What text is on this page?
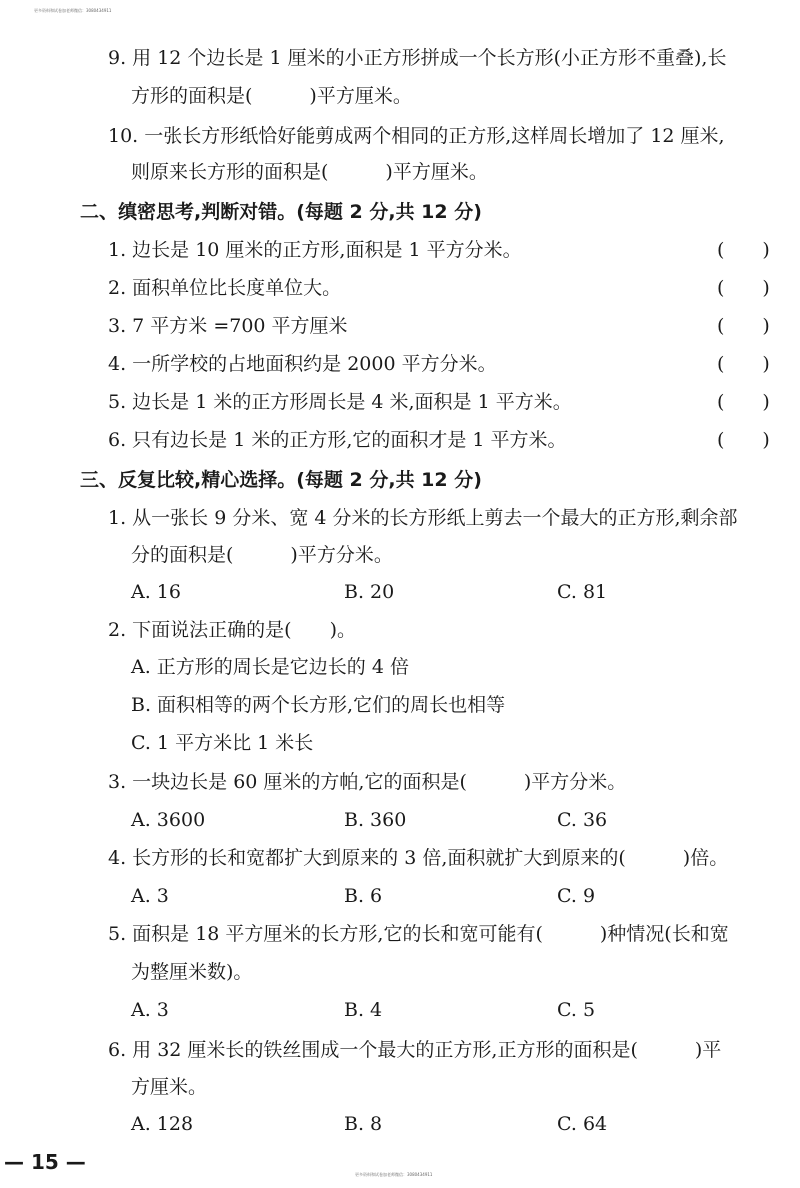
更多资料和试卷加老师微信：3080434911
9. 用 12 个边长是 1 厘米的小正方形拼成一个长方形(小正方形不重叠),长
方形的面积是(　　　)平方厘米。
10. 一张长方形纸恰好能剪成两个相同的正方形,这样周长增加了 12 厘米,
则原来长方形的面积是(　　　)平方厘米。
二、缜密思考,判断对错。(每题 2 分,共 12 分)
1. 边长是 10 厘米的正方形,面积是 1 平方分米。	(　　)
2. 面积单位比长度单位大。	(　　)
3. 7 平方米 =700 平方厘米	(　　)
4. 一所学校的占地面积约是 2000 平方分米。	(　　)
5. 边长是 1 米的正方形周长是 4 米,面积是 1 平方米。	(　　)
6. 只有边长是 1 米的正方形,它的面积才是 1 平方米。	(　　)
三、反复比较,精心选择。(每题 2 分,共 12 分)
1. 从一张长 9 分米、宽 4 分米的长方形纸上剪去一个最大的正方形,剩余部
分的面积是(　　　)平方分米。
A. 16	B. 20	C. 81
2. 下面说法正确的是(　　)。
A. 正方形的周长是它边长的 4 倍
B. 面积相等的两个长方形,它们的周长也相等
C. 1 平方米比 1 米长
3. 一块边长是 60 厘米的方帕,它的面积是(　　　)平方分米。
A. 3600	B. 360	C. 36
4. 长方形的长和宽都扩大到原来的 3 倍,面积就扩大到原来的(　　　)倍。
A. 3	B. 6	C. 9
5. 面积是 18 平方厘米的长方形,它的长和宽可能有(　　　)种情况(长和宽
为整厘米数)。
A. 3	B. 4	C. 5
6. 用 32 厘米长的铁丝围成一个最大的正方形,正方形的面积是(　　　)平
方厘米。
A. 128	B. 8	C. 64
— 15 —
更多资料和试卷加老师微信：3080434911
